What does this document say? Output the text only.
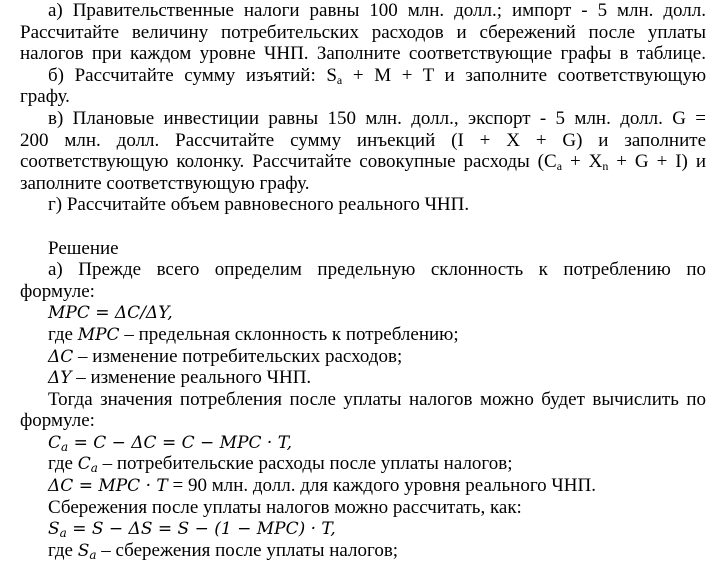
а) Правительственные налоги равны 100 млн. долл.; импорт - 5 млн. долл.
Рассчитайте величину потребительских расходов и сбережений после уплаты
налогов при каждом уровне ЧНП. Заполните соответствующие графы в таблице.
б) Рассчитайте сумму изъятий: $S_a + M + T$ и заполните соответствующую
графу.
в) Плановые инвестиции равны 150 млн. долл., экспорт - 5 млн. долл. G =
200 млн. долл. Рассчитайте сумму инъекций (I + X + G) и заполните
соответствующую колонку. Рассчитайте совокупные расходы $(C_a + X_n + G + I)$ и
заполните соответствующую графу.
г) Рассчитайте объем равновесного реального ЧНП.
Решение
а) Прежде всего определим предельную склонность к потреблению по
формуле:
MPC = ΔC/ΔY,
где MPC – предельная склонность к потреблению;
ΔC – изменение потребительских расходов;
ΔY – изменение реального ЧНП.
Тогда значения потребления после уплаты налогов можно будет вычислить по
формуле:
$C_a = C - \Delta C = C$ − MPC · T,
где $C_a$ – потребительские расходы после уплаты налогов;
ΔC = MPC · T = 90 млн. долл. для каждого уровня реального ЧНП.
Сбережения после уплаты налогов можно рассчитать, как:
$S_a = S - \Delta S = S - (1 - MPC) \cdot T$,
где $S_a$ – сбережения после уплаты налогов;
